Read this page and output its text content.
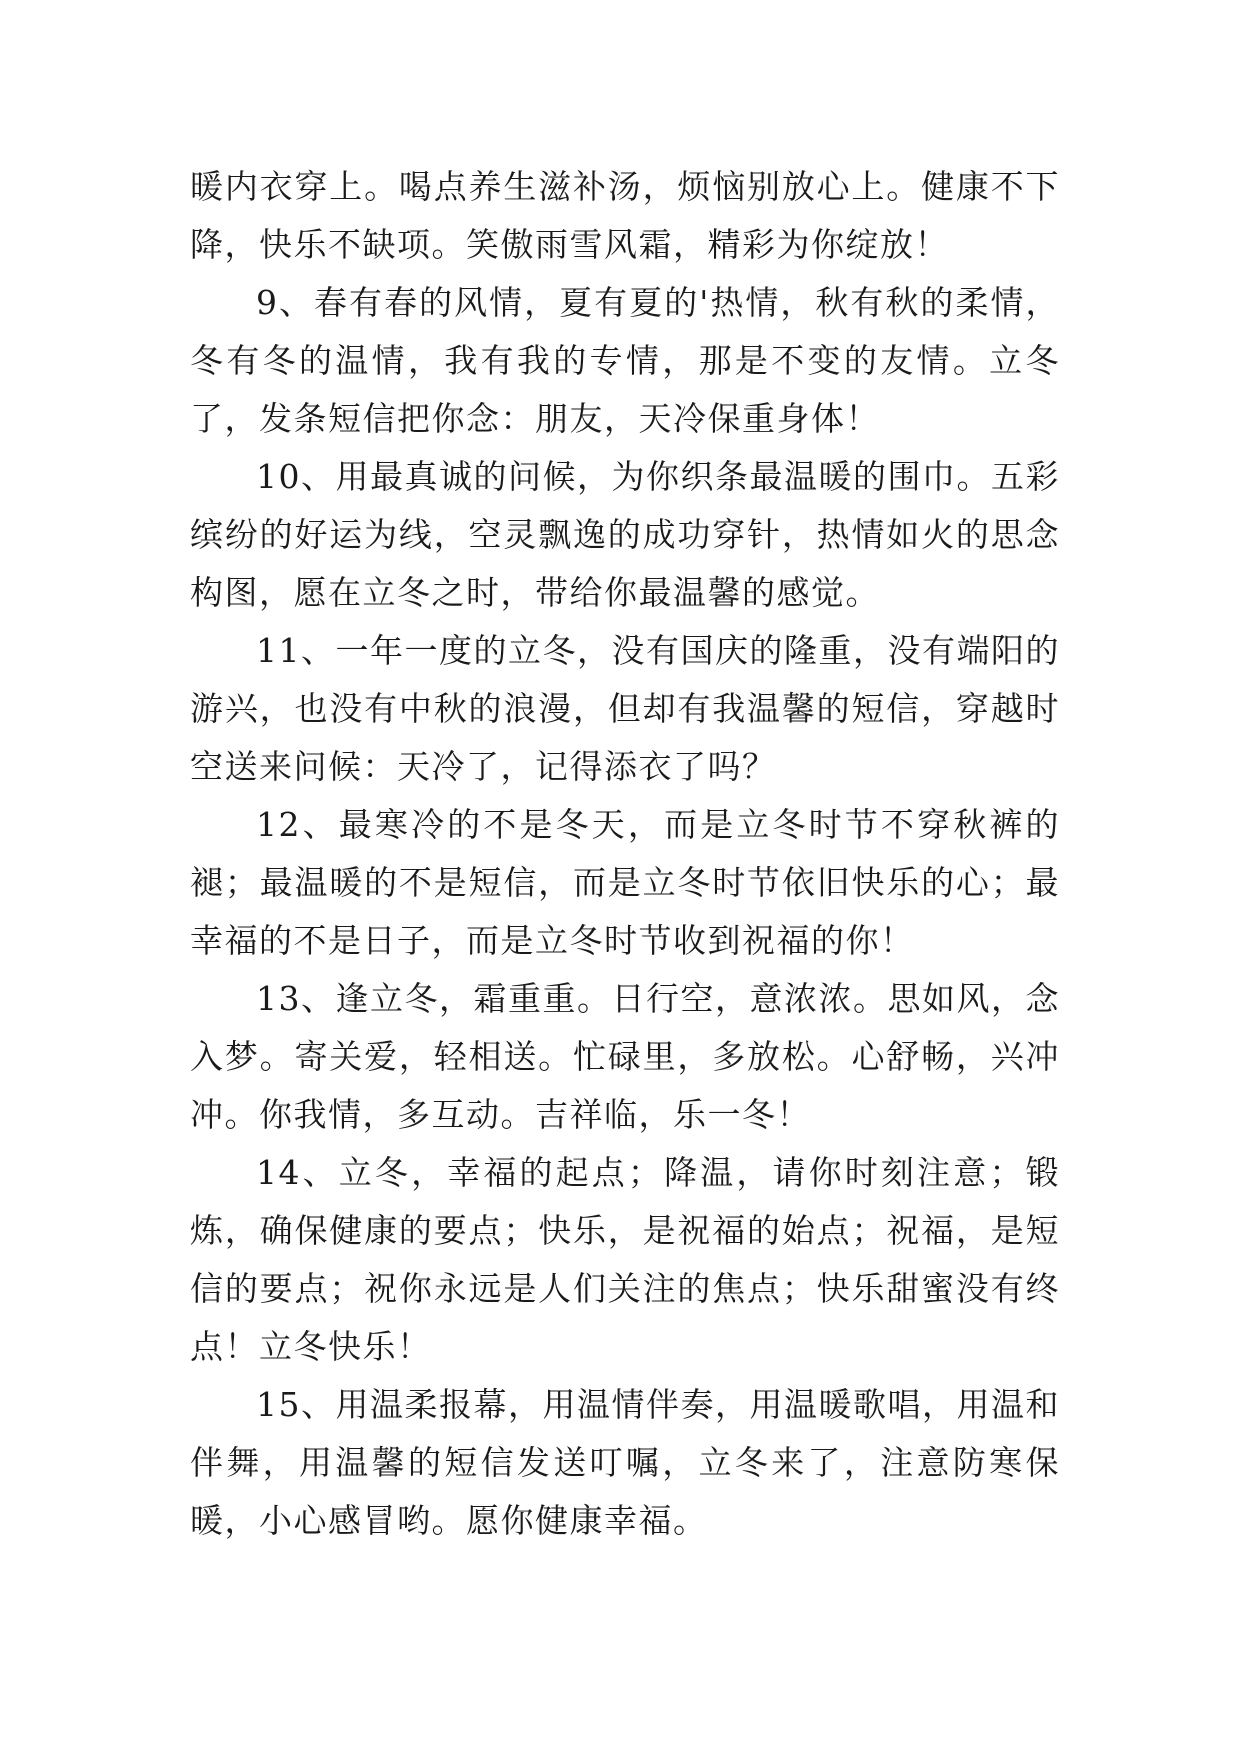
暖内衣穿上。喝点养生滋补汤，烦恼别放心上。健康不下降，快乐不缺项。笑傲雨雪风霜，精彩为你绽放！

9、春有春的风情，夏有夏的'热情，秋有秋的柔情，冬有冬的温情，我有我的专情，那是不变的友情。立冬了，发条短信把你念：朋友，天冷保重身体！

10、用最真诚的问候，为你织条最温暖的围巾。五彩缤纷的好运为线，空灵飘逸的成功穿针，热情如火的思念构图，愿在立冬之时，带给你最温馨的感觉。

11、一年一度的立冬，没有国庆的隆重，没有端阳的游兴，也没有中秋的浪漫，但却有我温馨的短信，穿越时空送来问候：天冷了，记得添衣了吗？

12、最寒冷的不是冬天，而是立冬时节不穿秋裤的褪；最温暖的不是短信，而是立冬时节依旧快乐的心；最幸福的不是日子，而是立冬时节收到祝福的你！

13、逢立冬，霜重重。日行空，意浓浓。思如风，念入梦。寄关爱，轻相送。忙碌里，多放松。心舒畅，兴冲冲。你我情，多互动。吉祥临，乐一冬！

14、立冬，幸福的起点；降温，请你时刻注意；锻炼，确保健康的要点；快乐，是祝福的始点；祝福，是短信的要点；祝你永远是人们关注的焦点；快乐甜蜜没有终点！立冬快乐！

15、用温柔报幕，用温情伴奏，用温暖歌唱，用温和伴舞，用温馨的短信发送叮嘱，立冬来了，注意防寒保暖，小心感冒哟。愿你健康幸福。
